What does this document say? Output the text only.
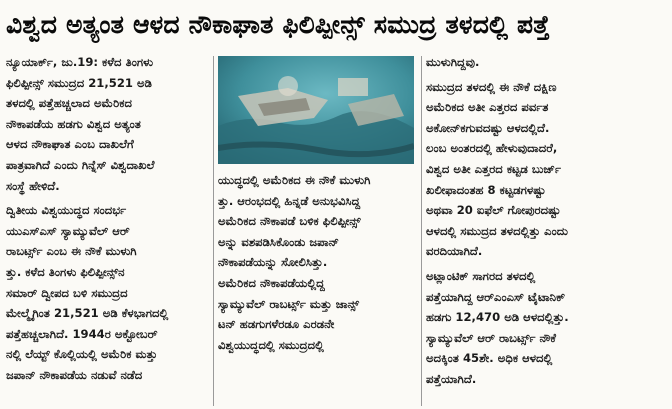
ವಿಶ್ವದ ಅತ್ಯಂತ ಆಳದ ನೌಕಾಘಾತ ಫಿಲಿಪ್ಪೀನ್ಸ್ ಸಮುದ್ರ ತಳದಲ್ಲಿ ಪತ್ತೆ

ನ್ಯೂಯಾರ್ಕ್, ಜು.19: ಕಳೆದ ತಿಂಗಳು
ಫಿಲಿಪ್ಪೀನ್ಸ್ ಸಮುದ್ರದ 21,521 ಅಡಿ
ತಳದಲ್ಲಿ ಪತ್ತೆಹಚ್ಚಲಾದ ಅಮೆರಿಕದ
ನೌಕಾಪಡೆಯ ಹಡಗು ವಿಶ್ವದ ಅತ್ಯಂತ
ಆಳದ ನೌಕಾಘಾತ ಎಂಬ ದಾಖಲೆಗೆ
ಪಾತ್ರವಾಗಿದೆ ಎಂದು ಗಿನ್ನೆಸ್ ವಿಶ್ವದಾಖಲೆ
ಸಂಸ್ಥೆ ಹೇಳಿದೆ.

ದ್ವಿತೀಯ ವಿಶ್ವಯುದ್ಧದ ಸಂದರ್ಭ
ಯುಎಸ್‌ಎಸ್ ಸ್ಯಾಮ್ಯುವೆಲ್ ಆರ್
ರಾಬರ್ಟ್ಸ್ ಎಂಬ ಈ ನೌಕೆ ಮುಳುಗಿ
ತ್ತು. ಕಳೆದ ತಿಂಗಳು ಫಿಲಿಪ್ಪೀನ್ಸ್‌ನ
ಸಮಾರ್ ದ್ವೀಪದ ಬಳಿ ಸಮುದ್ರದ
ಮೇಲ್ಮೈಗಿಂತ 21,521 ಅಡಿ ಕೆಳಭಾಗದಲ್ಲಿ
ಪತ್ತೆಹಚ್ಚಲಾಗಿದೆ. 1944ರ ಅಕ್ಟೋಬರ್
ನಲ್ಲಿ ಲೆಯ್ಟ್ ಕೊಲ್ಲಿಯಲ್ಲಿ ಅಮೆರಿಕ ಮತ್ತು
ಜಪಾನ್ ನೌಕಾಪಡೆಯ ನಡುವೆ ನಡೆದ

ಯುದ್ಧದಲ್ಲಿ ಅಮೆರಿಕದ ಈ ನೌಕೆ ಮುಳುಗಿ
ತ್ತು. ಆರಂಭದಲ್ಲಿ ಹಿನ್ನಡೆ ಅನುಭವಿಸಿದ್ದ
ಅಮೆರಿಕದ ನೌಕಾಪಡೆ ಬಳಿಕ ಫಿಲಿಪ್ಪೀನ್ಸ್
ಅನ್ನು ವಶಪಡಿಸಿಕೊಂಡು ಜಪಾನ್
ನೌಕಾಪಡೆಯನ್ನು ಸೋಲಿಸಿತ್ತು.
ಅಮೆರಿಕದ ನೌಕಾಪಡೆಯಲ್ಲಿದ್ದ
ಸ್ಯಾಮ್ಯುವೆಲ್ ರಾಬರ್ಟ್ಸ್ ಮತ್ತು ಜಾನ್ಸ್
ಟನ್ ಹಡಗುಗಳೆರಡೂ ಎರಡನೇ
ವಿಶ್ವಯುದ್ಧದಲ್ಲಿ ಸಮುದ್ರದಲ್ಲಿ

ಮುಳುಗಿದ್ದವು.

ಸಮುದ್ರದ ತಳದಲ್ಲಿ ಈ ನೌಕೆ ದಕ್ಷಿಣ
ಅಮೆರಿಕದ ಅತೀ ಎತ್ತರದ ಪರ್ವತ
ಅಕೋನ್‌ಕಗುವದಷ್ಟು ಆಳದಲ್ಲಿದೆ.
ಲಂಬ ಅಂತರದಲ್ಲಿ ಹೇಳುವುದಾದರೆ,
ವಿಶ್ವದ ಅತೀ ಎತ್ತರದ ಕಟ್ಟಡ ಬುರ್ಜ್
ಖಲೀಫಾದಂತಹ 8 ಕಟ್ಟಡಗಳಷ್ಟು
ಅಥವಾ 20 ಐಫೆಲ್ ಗೋಪುರದಷ್ಟು
ಆಳದಲ್ಲಿ ಸಮುದ್ರದ ತಳದಲ್ಲಿತ್ತು ಎಂದು
ವರದಿಯಾಗಿದೆ.

ಅಟ್ಲಾಂಟಿಕ್ ಸಾಗರದ ತಳದಲ್ಲಿ
ಪತ್ತೆಯಾಗಿದ್ದ ಆರ್‌ಎಂಎಸ್ ಟೈಟಾನಿಕ್
ಹಡಗು 12,470 ಅಡಿ ಆಳದಲ್ಲಿತ್ತು.
ಸ್ಯಾಮ್ಯುವೆಲ್ ಆರ್ ರಾಬರ್ಟ್ಸ್ ನೌಕೆ
ಅದಕ್ಕಿಂತ 45ಶೇ. ಅಧಿಕ ಆಳದಲ್ಲಿ
ಪತ್ತೆಯಾಗಿದೆ.
